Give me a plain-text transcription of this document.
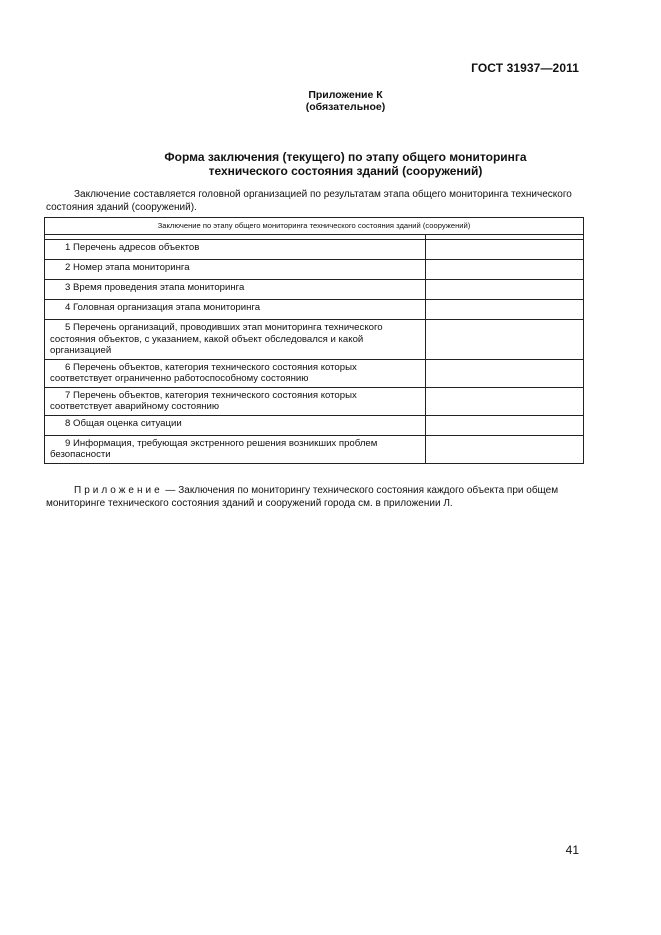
ГОСТ 31937—2011
Приложение К
(обязательное)
Форма заключения (текущего) по этапу общего мониторинга
технического состояния зданий (сооружений)
Заключение составляется головной организацией по результатам этапа общего мониторинга технического состояния зданий (сооружений).
Заключение по этапу общего мониторинга технического состояния зданий (сооружений)	

1 Перечень адресов объектов	
2 Номер этапа мониторинга	
3 Время проведения этапа мониторинга	
4 Головная организация этапа мониторинга	
5 Перечень организаций, проводивших этап мониторинга технического состояния объектов, с указанием, какой объект обследовался и какой организацией	
6 Перечень объектов, категория технического состояния которых соответствует ограниченно работоспособному состоянию	
7 Перечень объектов, категория технического состояния которых соответствует аварийному состоянию	
8 Общая оценка ситуации	
9 Информация, требующая экстренного решения возникших проблем безопасности	
Приложение — Заключения по мониторингу технического состояния каждого объекта при общем мониторинге технического состояния зданий и сооружений города см. в приложении Л.
41
